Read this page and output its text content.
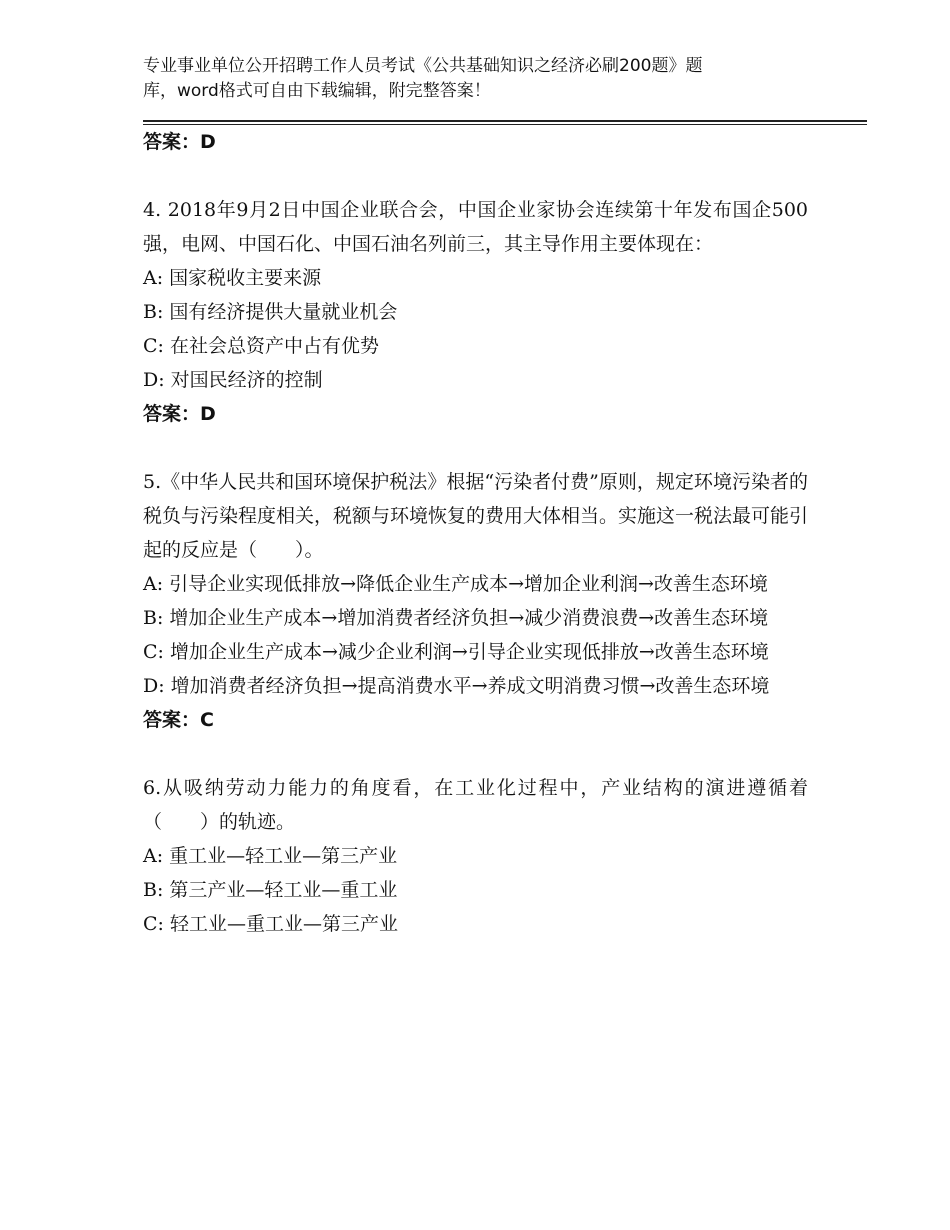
专业事业单位公开招聘工作人员考试《公共基础知识之经济必刷200题》题
库，word格式可自由下载编辑，附完整答案！

答案：D

4. 2018年9月2日中国企业联合会，中国企业家协会连续第十年发布国企500强，电网、中国石化、中国石油名列前三，其主导作用主要体现在：

A: 国家税收主要来源

B: 国有经济提供大量就业机会

C: 在社会总资产中占有优势

D: 对国民经济的控制

答案：D

5.《中华人民共和国环境保护税法》根据“污染者付费”原则，规定环境污染者的税负与污染程度相关，税额与环境恢复的费用大体相当。实施这一税法最可能引起的反应是（　　）。

A: 引导企业实现低排放→降低企业生产成本→增加企业利润→改善生态环境

B: 增加企业生产成本→增加消费者经济负担→减少消费浪费→改善生态环境

C: 增加企业生产成本→减少企业利润→引导企业实现低排放→改善生态环境

D: 增加消费者经济负担→提高消费水平→养成文明消费习惯→改善生态环境

答案：C

6.从吸纳劳动力能力的角度看，在工业化过程中，产业结构的演进遵循着（　　）的轨迹。

A: 重工业—轻工业—第三产业

B: 第三产业—轻工业—重工业

C: 轻工业—重工业—第三产业
